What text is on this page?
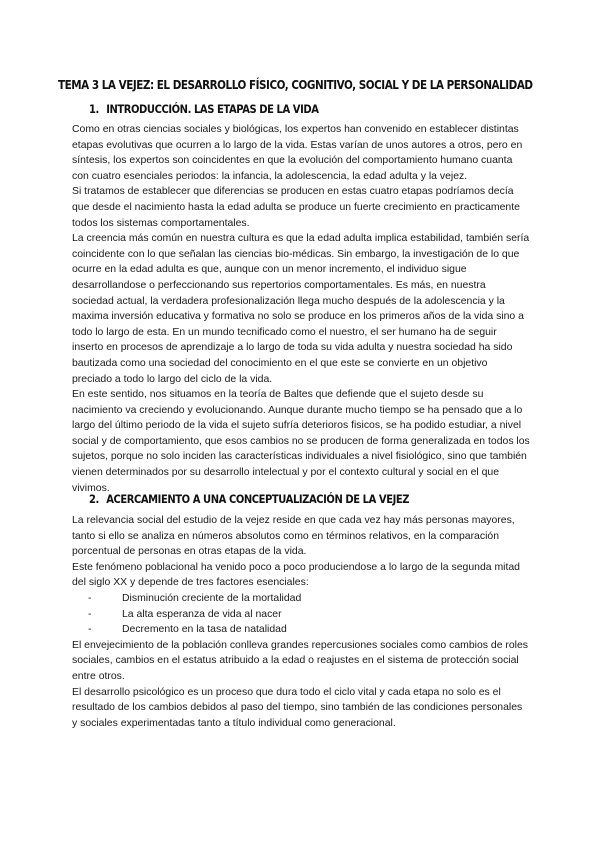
TEMA 3 LA VEJEZ: EL DESARROLLO FÍSICO, COGNITIVO, SOCIAL Y DE LA PERSONALIDAD
1. INTRODUCCIÓN. LAS ETAPAS DE LA VIDA

Como en otras ciencias sociales y biológicas, los expertos han convenido en establecer distintas etapas evolutivas que ocurren a lo largo de la vida. Estas varían de unos autores a otros, pero en síntesis, los expertos son coincidentes en que la evolución del comportamiento humano cuanta con cuatro esenciales periodos: la infancia, la adolescencia, la edad adulta y la vejez.

Si tratamos de establecer que diferencias se producen en estas cuatro etapas podríamos decía que desde el nacimiento hasta la edad adulta se produce un fuerte crecimiento en practicamente todos los sistemas comportamentales.

La creencia más común en nuestra cultura es que la edad adulta implica estabilidad, también sería coincidente con lo que señalan las ciencias bio-médicas. Sin embargo, la investigación de lo que ocurre en la edad adulta es que, aunque con un menor incremento, el individuo sigue desarrollandose o perfeccionando sus repertorios comportamentales. Es más, en nuestra sociedad actual, la verdadera profesionalización llega mucho después de la adolescencia y la maxima inversión educativa y formativa no solo se produce en los primeros años de la vida sino a todo lo largo de esta. En un mundo tecnificado como el nuestro, el ser humano ha de seguir inserto en procesos de aprendizaje a lo largo de toda su vida adulta y nuestra sociedad ha sido bautizada como una sociedad del conocimiento en el que este se convierte en un objetivo preciado a todo lo largo del ciclo de la vida.

En este sentido, nos situamos en la teoría de Baltes que defiende que el sujeto desde su nacimiento va creciendo y evolucionando. Aunque durante mucho tiempo se ha pensado que a lo largo del último periodo de la vida el sujeto sufría deterioros fisicos, se ha podido estudiar, a nivel social y de comportamiento, que esos cambios no se producen de forma generalizada en todos los sujetos, porque no solo inciden las características individuales a nivel fisiológico, sino que también vienen determinados por su desarrollo intelectual y por el contexto cultural y social en el que vivimos.

2. ACERCAMIENTO A UNA CONCEPTUALIZACIÓN DE LA VEJEZ

La relevancia social del estudio de la vejez reside en que cada vez hay más personas mayores, tanto si ello se analiza en números absolutos como en términos relativos, en la comparación porcentual de personas en otras etapas de la vida.

Este fenómeno poblacional ha venido poco a poco produciendose a lo largo de la segunda mitad del siglo XX y depende de tres factores esenciales:

-	Disminución creciente de la mortalidad
-	La alta esperanza de vida al nacer
-	Decremento en la tasa de natalidad

El envejecimiento de la población conlleva grandes repercusiones sociales como cambios de roles sociales, cambios en el estatus atribuido a la edad o reajustes en el sistema de protección social entre otros.

El desarrollo psicológico es un proceso que dura todo el ciclo vital y cada etapa no solo es el resultado de los cambios debidos al paso del tiempo, sino también de las condiciones personales y sociales experimentadas tanto a título individual como generacional.
